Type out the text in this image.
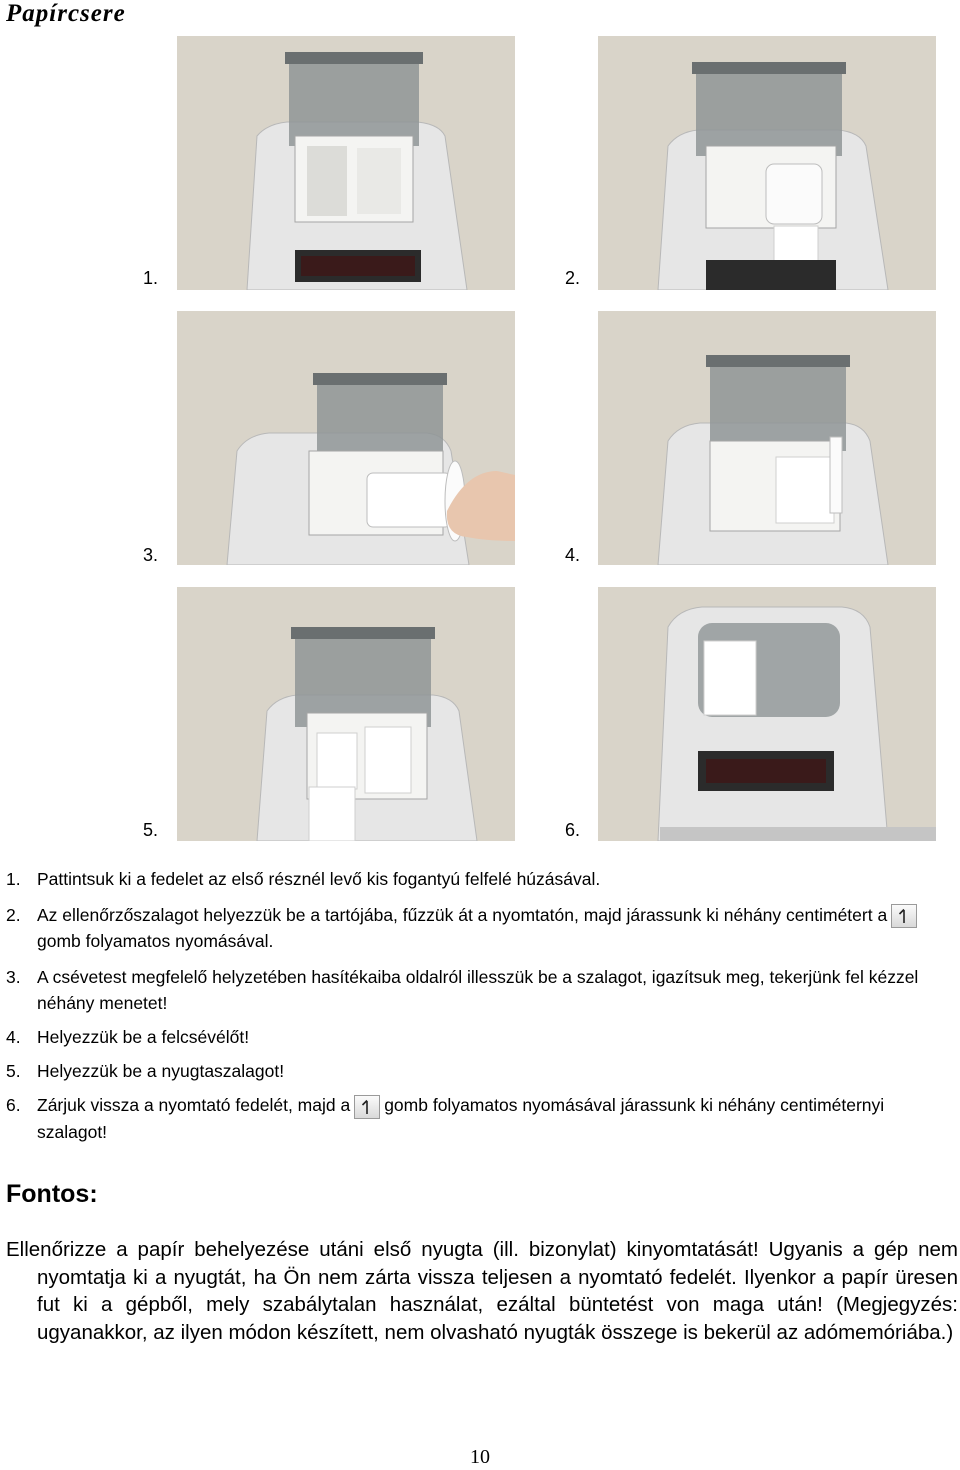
Papírcsere
1.	2.
3.	4.
5.	6.
1. Pattintsuk ki a fedelet az első résznél levő kis fogantyú felfelé húzásával.
2. Az ellenőrzőszalagot helyezzük be a tartójába, fűzzük át a nyomtatón, majd járassunk ki néhány centimétert a
gomb folyamatos nyomásával.
3. A csévetest megfelelő helyzetében hasítékaiba oldalról illesszük be a szalagot, igazítsuk meg, tekerjünk fel kézzel néhány menetet!
4. Helyezzük be a felcsévélőt!
5. Helyezzük be a nyugtaszalagot!
6. Zárjuk vissza a nyomtató fedelét, majd a gomb folyamatos nyomásával járassunk ki néhány centiméternyi szalagot!
Fontos:
Ellenőrizze a papír behelyezése utáni első nyugta (ill. bizonylat) kinyomtatását! Ugyanis a gép nem nyomtatja ki a nyugtát, ha Ön nem zárta vissza teljesen a nyomtató fedelét. Ilyenkor a papír üresen fut ki a gépből, mely szabálytalan használat, ezáltal büntetést von maga után! (Megjegyzés: ugyanakkor, az ilyen módon készített, nem olvasható nyugták összege is bekerül az adómemóriába.)
10
